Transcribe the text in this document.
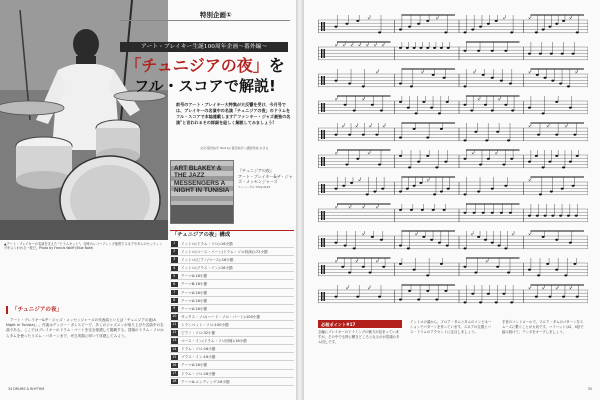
▲アート・ブレイキーの名演を支えた "ドラムキット"。当時のレコーディング風景でスネアやタムのセッティングがよくわかる一枚だ。Photo by Francis Wolff (Blue Note)

特別企画①
アート・ブレイキー生誕100周年企画〜番外編〜
「チュニジアの夜」を
フル・スコアで解説!

前号のアート・ブレイキー大特集が大反響を受け、今月号では、ブレイキーの名演中の名演「チュニジアの夜」のドラムをフル・スコアで本誌連載します!"ファンキー・ジャズ最強の名演"と言われるその詳細を紐しく解説してみましょう!

文章:富田祐介 Text by 富田祐介 / 譜面作成:おさる

ART BLAKEY & THE JAZZ MESSENGERS A NIGHT IN TUNISIA
『チュニジアの夜』
アート・ブレイキー&ザ・ジャズ・メッセンジャーズ
ユニバーサル TOCJ-9193
「チュニジアの夜」構成
1	イントロ(ドラム・ソロ):16小節
2	イントロ(ベース・パーン(ドラム・ソロ終演)):72小節
3	イントロ(ピアノ/ベース):16小節
4	イントロ(ブラス・イン):16小節
5	テーマA:16小節
6	テーマB:16小節
7	テーマA:16小節
8	テーマA:16小節
9	テーマA:16小節
10	サックス・ソロ(ハード・ソロ・パート):100小節
11	トランペット・ソロ:100小節
12	ピアノ・ソロ:32小節
13	ベース・イン(ドラム・ソロ回帰):16小節
14	ドラム・ソロ:16小節
15	ブラス・イン:16小節
16	テーマA:16小節
17	ドラム・ソロ:16小節
18	テーマA:エンディング:16小節
「チュニジアの夜」

アート・ブレイキー&ザ・ジャズ・メッセンジャーズの代表曲といえば「チュニジアの夜(A Night In Tunisia)」。作曲はディジー・ガレスピーで、多くのジャズメンが取り上げた名曲中の名曲である。ここではブレイキーのドラム・パートを完全採譜して掲載する。冒頭のドラム・ソロからタムを使ったリズム・パターンまで、ぜひ実際に叩いて体感してみよう。

34 DRUMS & RHYTHM
×	×	×	×	×
× × × × × × ×
×	×	×	×	×
×	×	×	×
×	×	×	×	×	×	×
×	×	×	×
×	×	×
×	×	×	×
×	×	×	×	×
×	×	×	×
×	×	×	×	×	×
必殺ポイント#17

全編にブレイキーのドラミングの魅力が詰まっていますが、その中でも特に聴きどころとなるのが冒頭のタム回しです。

イントロの頭から、フロア・タムとタムのコンビネーションでパターンを作っています。スネアの位置とバス・ドラムのアクセントに注目しましょう。

手首のコントロールで、フロア・タムのパターンをスムーズに繋ぐことが大切です。ハイハットは2、4拍で踏み続けて、テンポをキープしましょう。

35
